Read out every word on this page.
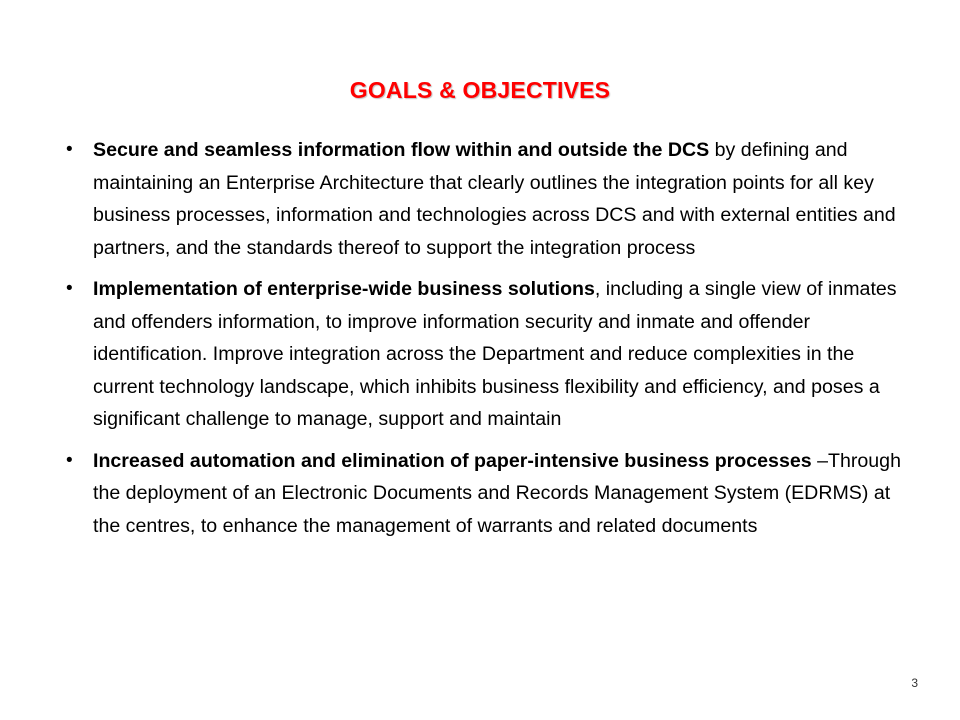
GOALS & OBJECTIVES
• Secure and seamless information flow within and outside the DCS by defining and maintaining an Enterprise Architecture that clearly outlines the integration points for all key business processes, information and technologies across DCS and with external entities and partners, and the standards thereof to support the integration process
• Implementation of enterprise-wide business solutions, including a single view of inmates and offenders information, to improve information security and inmate and offender identification. Improve integration across the Department and reduce complexities in the current technology landscape, which inhibits business flexibility and efficiency, and poses a significant challenge to manage, support and maintain
• Increased automation and elimination of paper-intensive business processes –Through the deployment of an Electronic Documents and Records Management System (EDRMS) at the centres, to enhance the management of warrants and related documents
3
